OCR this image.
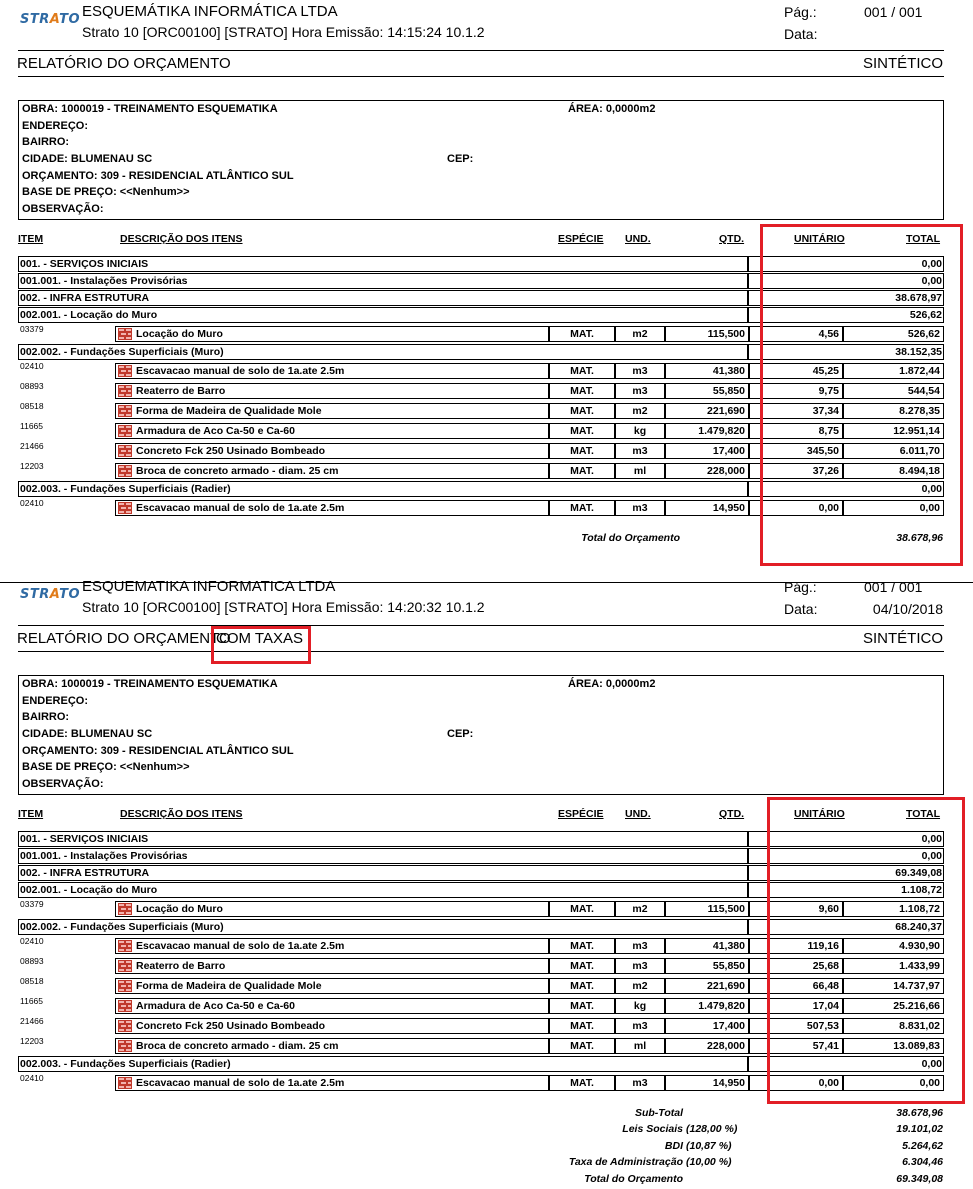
STRATO ESQUEMÁTIKA INFORMÁTICA LTDA
Strato 10 [ORC00100] [STRATO] Hora Emissão: 14:15:24 10.1.2
Pág.:	001 / 001
Data:
RELATÓRIO DO ORÇAMENTO	SINTÉTICO
OBRA: 1000019 - TREINAMENTO ESQUEMATIKA	ÁREA: 0,0000m2
ENDEREÇO:
BAIRRO:
CIDADE: BLUMENAU SC	CEP:
ORÇAMENTO: 309 - RESIDENCIAL ATLÂNTICO SUL
BASE DE PREÇO: <<Nenhum>>
OBSERVAÇÃO:
ITEM	DESCRIÇÃO DOS ITENS	ESPÉCIE UND.	QTD.	UNITÁRIO	TOTAL
001. - SERVIÇOS INICIAIS	0,00
001.001. - Instalações Provisórias	0,00
002. - INFRA ESTRUTURA	38.678,97
002.001. - Locação do Muro	526,62
03379	Locação do Muro	MAT.	m2	115,500	4,56	526,62
002.002. - Fundações Superficiais (Muro)	38.152,35
02410	Escavacao manual de solo de 1a.ate 2.5m	MAT.	m3	41,380	45,25	1.872,44
08893	Reaterro de Barro	MAT.	m3	55,850	9,75	544,54
08518	Forma de Madeira de Qualidade Mole	MAT.	m2	221,690	37,34	8.278,35
11665	Armadura de Aco Ca-50 e Ca-60	MAT.	kg	1.479,820	8,75	12.951,14
21466	Concreto Fck 250 Usinado Bombeado	MAT.	m3	17,400	345,50	6.011,70
12203	Broca de concreto armado - diam. 25 cm	MAT.	ml	228,000	37,26	8.494,18
002.003. - Fundações Superficiais (Radier)	0,00
02410	Escavacao manual de solo de 1a.ate 2.5m	MAT.	m3	14,950	0,00	0,00
Total do Orçamento	38.678,96
STRATO ESQUEMATIKA INFORMATICA LTDA
Strato 10 [ORC00100] [STRATO] Hora Emissão: 14:20:32 10.1.2
Pág.:	001 / 001
Data:	04/10/2018
RELATÓRIO DO ORÇAMENTO
COM TAXAS	SINTÉTICO
OBRA: 1000019 - TREINAMENTO ESQUEMATIKA	ÁREA: 0,0000m2
ENDEREÇO:
BAIRRO:
CIDADE: BLUMENAU SC	CEP:
ORÇAMENTO: 309 - RESIDENCIAL ATLÂNTICO SUL
BASE DE PREÇO: <<Nenhum>>
OBSERVAÇÃO:
ITEM	DESCRIÇÃO DOS ITENS	ESPÉCIE UND.	QTD.	UNITÁRIO	TOTAL
001. - SERVIÇOS INICIAIS	0,00
001.001. - Instalações Provisórias	0,00
002. - INFRA ESTRUTURA	69.349,08
002.001. - Locação do Muro	1.108,72
03379	Locação do Muro	MAT.	m2	115,500	9,60	1.108,72
002.002. - Fundações Superficiais (Muro)	68.240,37
02410	Escavacao manual de solo de 1a.ate 2.5m	MAT.	m3	41,380	119,16	4.930,90
08893	Reaterro de Barro	MAT.	m3	55,850	25,68	1.433,99
08518	Forma de Madeira de Qualidade Mole	MAT.	m2	221,690	66,48	14.737,97
11665	Armadura de Aco Ca-50 e Ca-60	MAT.	kg	1.479,820	17,04	25.216,66
21466	Concreto Fck 250 Usinado Bombeado	MAT.	m3	17,400	507,53	8.831,02
12203	Broca de concreto armado - diam. 25 cm	MAT.	ml	228,000	57,41	13.089,83
002.003. - Fundações Superficiais (Radier)	0,00
02410	Escavacao manual de solo de 1a.ate 2.5m	MAT.	m3	14,950	0,00	0,00
Sub-Total	38.678,96
Leis Sociais (128,00 %)	19.101,02
BDI (10,87 %)	5.264,62
Taxa de Administração (10,00 %)	6.304,46
Total do Orçamento	69.349,08
